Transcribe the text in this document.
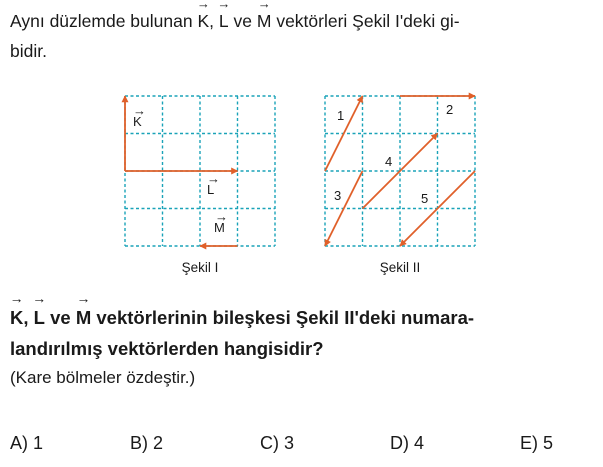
Aynı düzlemde bulunan → K, → L ve → M vektörleri Şekil I'deki gi-
bidir.
→
K
→
L
→
M
Şekil I
1	2
3
4
5
Şekil II
→ K, → L ve → M vektörlerinin bileşkesi Şekil II'deki numara-
landırılmış vektörlerden hangisidir?
(Kare bölmeler özdeştir.)
A) 1	B) 2	C) 3	D) 4	E) 5
